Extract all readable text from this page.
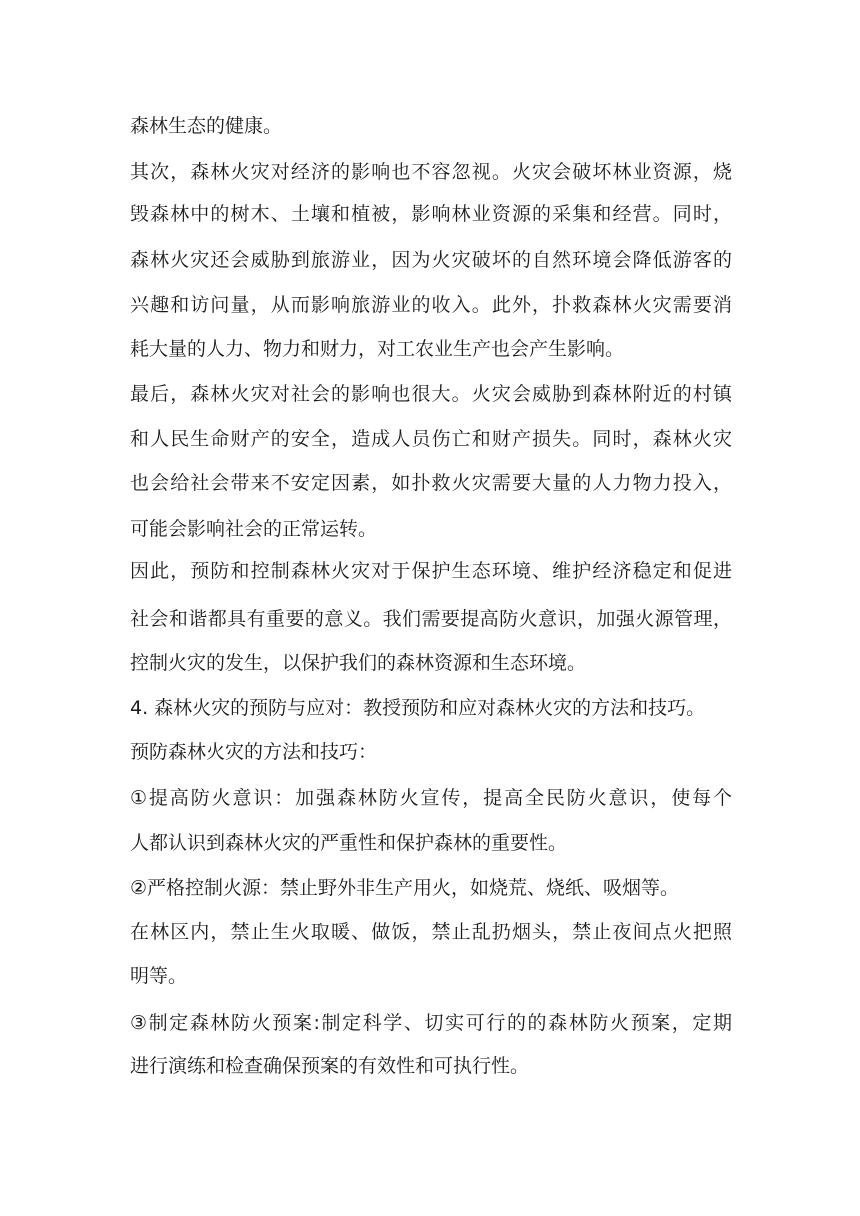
森林生态的健康。
其次，森林火灾对经济的影响也不容忽视。火灾会破坏林业资源，烧
毁森林中的树木、土壤和植被，影响林业资源的采集和经营。同时，
森林火灾还会威胁到旅游业，因为火灾破坏的自然环境会降低游客的
兴趣和访问量，从而影响旅游业的收入。此外，扑救森林火灾需要消
耗大量的人力、物力和财力，对工农业生产也会产生影响。
最后，森林火灾对社会的影响也很大。火灾会威胁到森林附近的村镇
和人民生命财产的安全，造成人员伤亡和财产损失。同时，森林火灾
也会给社会带来不安定因素，如扑救火灾需要大量的人力物力投入，
可能会影响社会的正常运转。
因此，预防和控制森林火灾对于保护生态环境、维护经济稳定和促进
社会和谐都具有重要的意义。我们需要提高防火意识，加强火源管理，
控制火灾的发生，以保护我们的森林资源和生态环境。
4. 森林火灾的预防与应对：教授预防和应对森林火灾的方法和技巧。
预防森林火灾的方法和技巧：
①提高防火意识：加强森林防火宣传，提高全民防火意识，使每个
人都认识到森林火灾的严重性和保护森林的重要性。
②严格控制火源：禁止野外非生产用火，如烧荒、烧纸、吸烟等。
在林区内，禁止生火取暖、做饭，禁止乱扔烟头，禁止夜间点火把照
明等。
③制定森林防火预案:制定科学、切实可行的的森林防火预案，定期
进行演练和检查确保预案的有效性和可执行性。
